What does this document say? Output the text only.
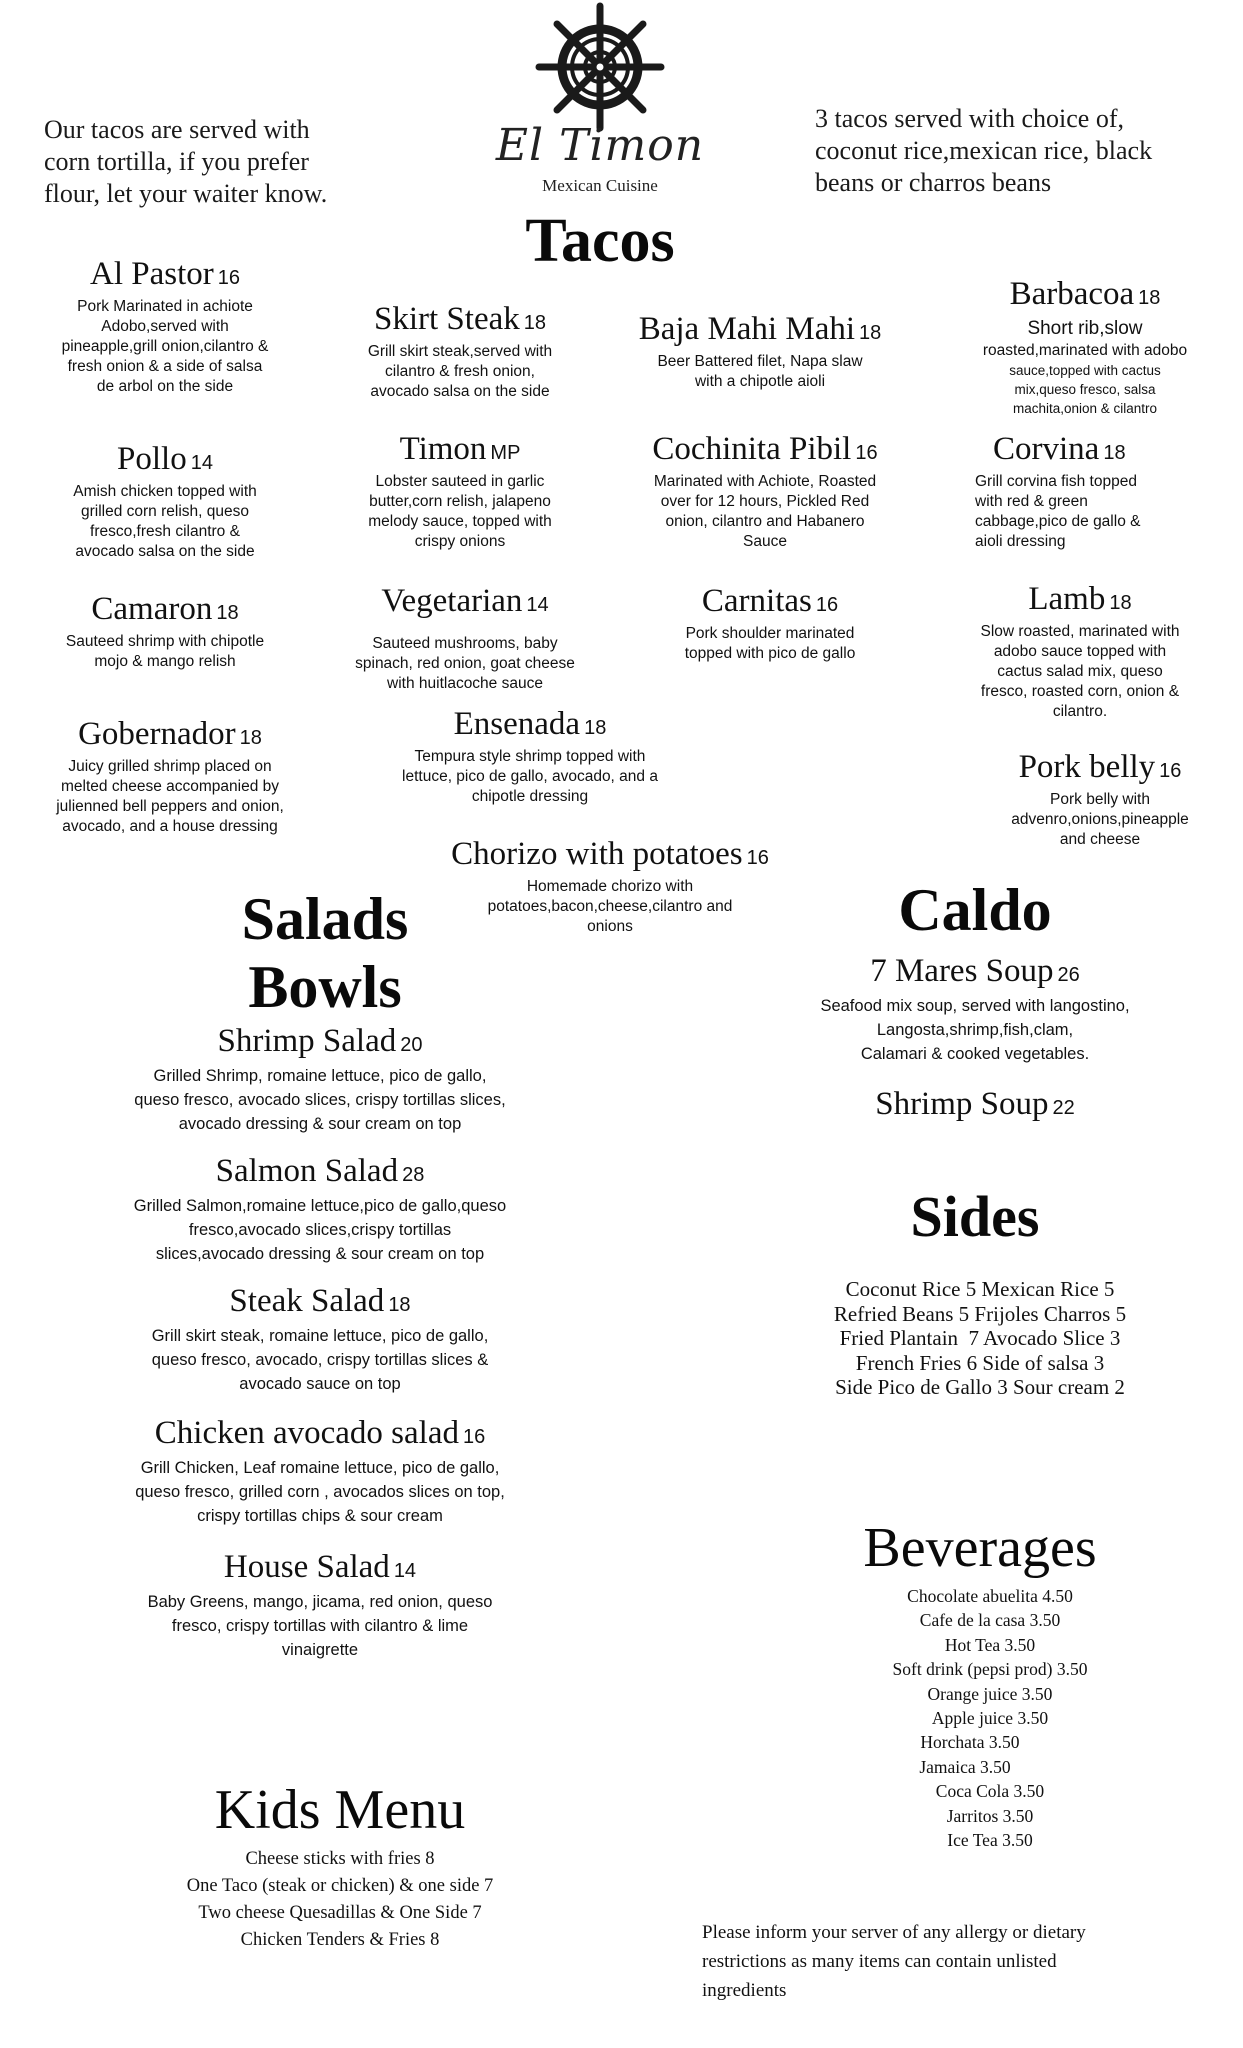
El Timon
Mexican Cuisine
Our tacos are served with
corn tortilla, if you prefer
flour, let your waiter know.
3 tacos served with choice of,
coconut rice,mexican rice, black
beans or charros beans
Tacos
Al Pastor 16
Pork Marinated in achiote
Adobo,served with
pineapple,grill onion,cilantro &
fresh onion & a side of salsa
de arbol on the side
Skirt Steak 18
Grill skirt steak,served with
cilantro & fresh onion,
avocado salsa on the side
Baja Mahi Mahi 18
Beer Battered filet, Napa slaw
with a chipotle aioli
Barbacoa 18
Short rib,slow
roasted,marinated with adobo
sauce,topped with cactus
mix,queso fresco, salsa
machita,onion & cilantro
Pollo 14
Amish chicken topped with
grilled corn relish, queso
fresco,fresh cilantro &
avocado salsa on the side
Timon MP
Lobster sauteed in garlic
butter,corn relish, jalapeno
melody sauce, topped with
crispy onions
Cochinita Pibil 16
Marinated with Achiote, Roasted
over for 12 hours, Pickled Red
onion, cilantro and Habanero
Sauce
Corvina 18
Grill corvina fish topped
with red & green
cabbage,pico de gallo &
aioli dressing
Camaron 18
Sauteed shrimp with chipotle
mojo & mango relish
Vegetarian 14
Sauteed mushrooms, baby
spinach, red onion, goat cheese
with huitlacoche sauce
Carnitas 16
Pork shoulder marinated
topped with pico de gallo
Lamb 18
Slow roasted, marinated with
adobo sauce topped with
cactus salad mix, queso
fresco, roasted corn, onion &
cilantro.
Gobernador 18
Juicy grilled shrimp placed on
melted cheese accompanied by
julienned bell peppers and onion,
avocado, and a house dressing
Ensenada 18
Tempura style shrimp topped with
lettuce, pico de gallo, avocado, and a
chipotle dressing
Pork belly 16
Pork belly with
advenro,onions,pineapple
and cheese
Chorizo with potatoes 16
Homemade chorizo with
potatoes,bacon,cheese,cilantro and
onions
Salads
Bowls
Shrimp Salad 20
Grilled Shrimp, romaine lettuce, pico de gallo,
queso fresco, avocado slices, crispy tortillas slices,
avocado dressing & sour cream on top
Salmon Salad 28
Grilled Salmon,romaine lettuce,pico de gallo,queso
fresco,avocado slices,crispy tortillas
slices,avocado dressing & sour cream on top
Steak Salad 18
Grill skirt steak, romaine lettuce, pico de gallo,
queso fresco, avocado, crispy tortillas slices &
avocado sauce on top
Chicken avocado salad 16
Grill Chicken, Leaf romaine lettuce, pico de gallo,
queso fresco, grilled corn , avocados slices on top,
crispy tortillas chips & sour cream
House Salad 14
Baby Greens, mango, jicama, red onion, queso
fresco, crispy tortillas with cilantro & lime
vinaigrette
Caldo
7 Mares Soup 26
Seafood mix soup, served with langostino,
Langosta,shrimp,fish,clam,
Calamari & cooked vegetables.
Shrimp Soup 22
Sides
Coconut Rice 5 Mexican Rice 5
Refried Beans 5 Frijoles Charros 5
Fried Plantain  7 Avocado Slice 3
French Fries 6 Side of salsa 3
Side Pico de Gallo 3 Sour cream 2
Beverages
Chocolate abuelita 4.50
Cafe de la casa 3.50
Hot Tea 3.50
Soft drink (pepsi prod) 3.50
Orange juice 3.50
Apple juice 3.50
Horchata 3.50
Jamaica 3.50
Coca Cola 3.50
Jarritos 3.50
Ice Tea 3.50
Kids Menu
Cheese sticks with fries 8
One Taco (steak or chicken) & one side 7
Two cheese Quesadillas & One Side 7
Chicken Tenders & Fries 8	Please inform your server of any allergy or dietary
restrictions as many items can contain unlisted
ingredients
